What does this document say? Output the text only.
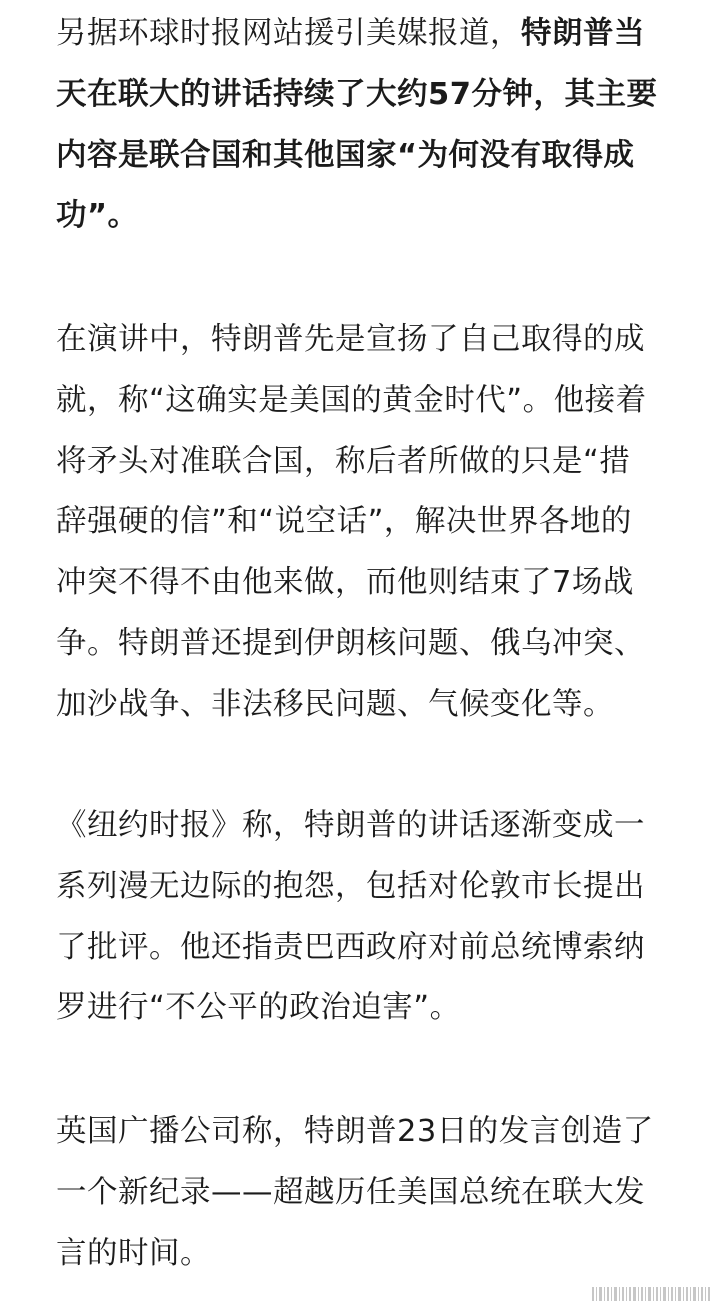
另据环球时报网站援引美媒报道，特朗普当
天在联大的讲话持续了大约57分钟，其主要
内容是联合国和其他国家“为何没有取得成
功”。

在演讲中，特朗普先是宣扬了自己取得的成
就，称“这确实是美国的黄金时代”。他接着
将矛头对准联合国，称后者所做的只是“措
辞强硬的信”和“说空话”，解决世界各地的
冲突不得不由他来做，而他则结束了7场战
争。特朗普还提到伊朗核问题、俄乌冲突、
加沙战争、非法移民问题、气候变化等。

《纽约时报》称，特朗普的讲话逐渐变成一
系列漫无边际的抱怨，包括对伦敦市长提出
了批评。他还指责巴西政府对前总统博索纳
罗进行“不公平的政治迫害”。

英国广播公司称，特朗普23日的发言创造了
一个新纪录——超越历任美国总统在联大发
言的时间。
